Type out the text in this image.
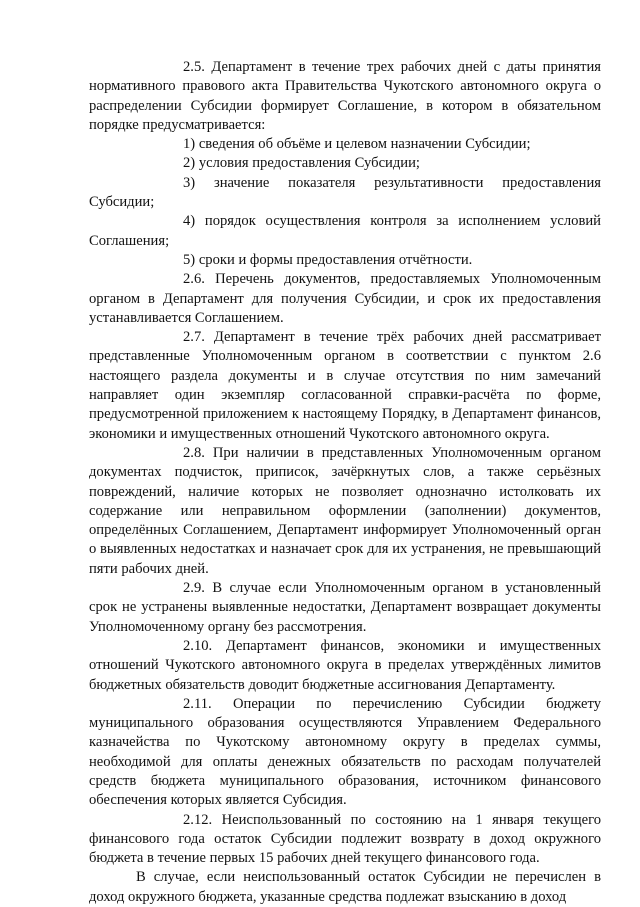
2.5. Департамент в течение трех рабочих дней с даты принятия нормативного правового акта Правительства Чукотского автономного округа о распределении Субсидии формирует Соглашение, в котором в обязательном порядке предусматривается:

1) сведения об объёме и целевом назначении Субсидии;

2) условия предоставления Субсидии;

3) значение показателя результативности предоставления Субсидии;

4) порядок осуществления контроля за исполнением условий Соглашения;

5) сроки и формы предоставления отчётности.

2.6. Перечень документов, предоставляемых Уполномоченным органом в Департамент для получения Субсидии, и срок их предоставления устанавливается Соглашением.

2.7. Департамент в течение трёх рабочих дней рассматривает представленные Уполномоченным органом в соответствии с пунктом 2.6 настоящего раздела документы и в случае отсутствия по ним замечаний направляет один экземпляр согласованной справки-расчёта по форме, предусмотренной приложением к настоящему Порядку, в Департамент финансов, экономики и имущественных отношений Чукотского автономного округа.

2.8. При наличии в представленных Уполномоченным органом документах подчисток, приписок, зачёркнутых слов, а также серьёзных повреждений, наличие которых не позволяет однозначно истолковать их содержание или неправильном оформлении (заполнении) документов, определённых Соглашением, Департамент информирует Уполномоченный орган о выявленных недостатках и назначает срок для их устранения, не превышающий пяти рабочих дней.

2.9. В случае если Уполномоченным органом в установленный срок не устранены выявленные недостатки, Департамент возвращает документы Уполномоченному органу без рассмотрения.

2.10. Департамент финансов, экономики и имущественных отношений Чукотского автономного округа в пределах утверждённых лимитов бюджетных обязательств доводит бюджетные ассигнования Департаменту.

2.11. Операции по перечислению Субсидии бюджету муниципального образования осуществляются Управлением Федерального казначейства по Чукотскому автономному округу в пределах суммы, необходимой для оплаты денежных обязательств по расходам получателей средств бюджета муниципального образования, источником финансового обеспечения которых является Субсидия.

2.12. Неиспользованный по состоянию на 1 января текущего финансового года остаток Субсидии подлежит возврату в доход окружного бюджета в течение первых 15 рабочих дней текущего финансового года.

В случае, если неиспользованный остаток Субсидии не перечислен в доход окружного бюджета, указанные средства подлежат взысканию в доход
